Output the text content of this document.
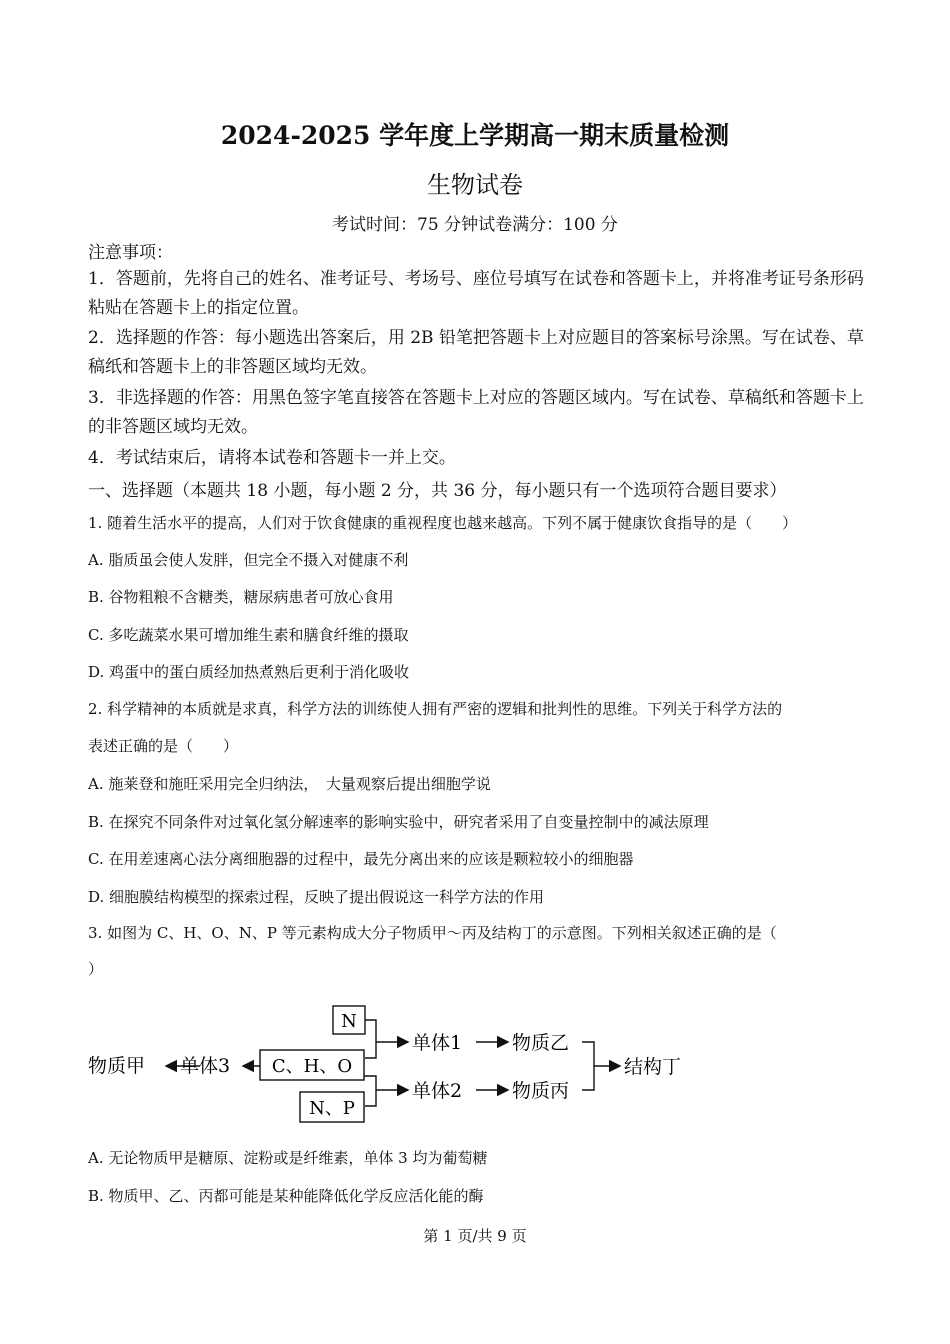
2024-2025 学年度上学期高一期末质量检测
生物试卷
考试时间：75 分钟试卷满分：100 分
注意事项：
1．答题前，先将自己的姓名、准考证号、考场号、座位号填写在试卷和答题卡上，并将准考证号条形码粘贴在答题卡上的指定位置。
2．选择题的作答：每小题选出答案后，用 2B 铅笔把答题卡上对应题目的答案标号涂黑。写在试卷、草稿纸和答题卡上的非答题区域均无效。
3．非选择题的作答：用黑色签字笔直接答在答题卡上对应的答题区域内。写在试卷、草稿纸和答题卡上的非答题区域均无效。
4．考试结束后，请将本试卷和答题卡一并上交。
一、选择题（本题共 18 小题，每小题 2 分，共 36 分，每小题只有一个选项符合题目要求）
1. 随着生活水平的提高，人们对于饮食健康的重视程度也越来越高。下列不属于健康饮食指导的是（　　）
A. 脂质虽会使人发胖，但完全不摄入对健康不利
B. 谷物粗粮不含糖类，糖尿病患者可放心食用
C. 多吃蔬菜水果可增加维生素和膳食纤维的摄取
D. 鸡蛋中的蛋白质经加热煮熟后更利于消化吸收
2. 科学精神的本质就是求真，科学方法的训练使人拥有严密的逻辑和批判性的思维。下列关于科学方法的
表述正确的是（　　）
A. 施莱登和施旺采用完全归纳法，　大量观察后提出细胞学说
B. 在探究不同条件对过氧化氢分解速率的影响实验中，研究者采用了自变量控制中的减法原理
C. 在用差速离心法分离细胞器的过程中，最先分离出来的应该是颗粒较小的细胞器
D. 细胞膜结构模型的探索过程，反映了提出假说这一科学方法的作用
3. 如图为 C、H、O、N、P 等元素构成大分子物质甲～丙及结构丁的示意图。下列相关叙述正确的是（
）
物质甲 单体3
N
C、H、O
N、P
单体1
单体2
物质乙
物质丙
结构丁
A. 无论物质甲是糖原、淀粉或是纤维素，单体 3 均为葡萄糖
B. 物质甲、乙、丙都可能是某种能降低化学反应活化能的酶
第 1 页/共 9 页
